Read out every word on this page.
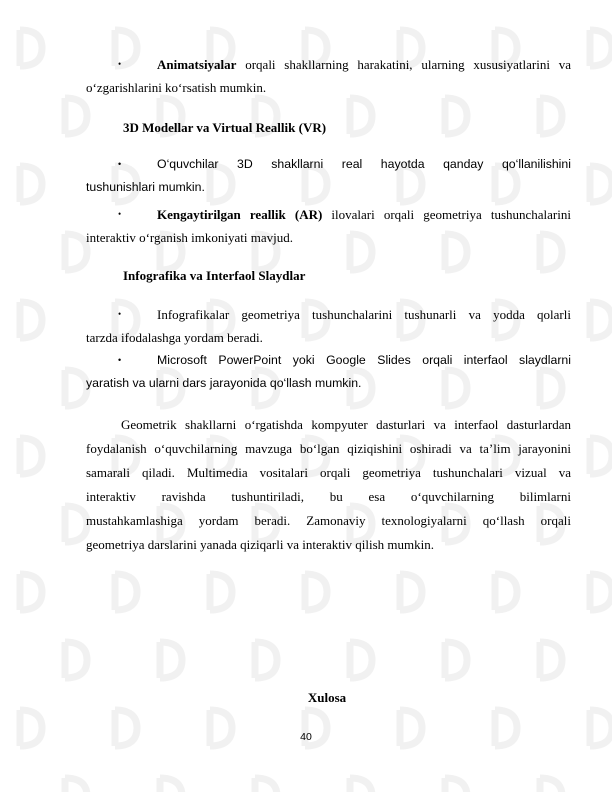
•	Animatsiyalar orqali shakllarning harakatini, ularning xususiyatlarini va
o‘zgarishlarini ko‘rsatish mumkin.
3D Modellar va Virtual Reallik (VR)
•	O‘quvchilar 3D shakllarni real hayotda qanday qo‘llanilishini
tushunishlari mumkin.
•	Kengaytirilgan reallik (AR) ilovalari orqali geometriya tushunchalarini
interaktiv o‘rganish imkoniyati mavjud.
Infografika va Interfaol Slaydlar
•	Infografikalar geometriya tushunchalarini tushunarli va yodda qolarli
tarzda ifodalashga yordam beradi.
•	Microsoft PowerPoint yoki Google Slides orqali interfaol slaydlarni
yaratish va ularni dars jarayonida qo‘llash mumkin.
Geometrik shakllarni o‘rgatishda kompyuter dasturlari va interfaol dasturlardan
foydalanish o‘quvchilarning mavzuga bo‘lgan qiziqishini oshiradi va ta’lim jarayonini
samarali qiladi. Multimedia vositalari orqali geometriya tushunchalari vizual va
interaktiv ravishda tushuntiriladi, bu esa o‘quvchilarning bilimlarni
mustahkamlashiga yordam beradi. Zamonaviy texnologiyalarni qo‘llash orqali
geometriya darslarini yanada qiziqarli va interaktiv qilish mumkin.
Xulosa
40
